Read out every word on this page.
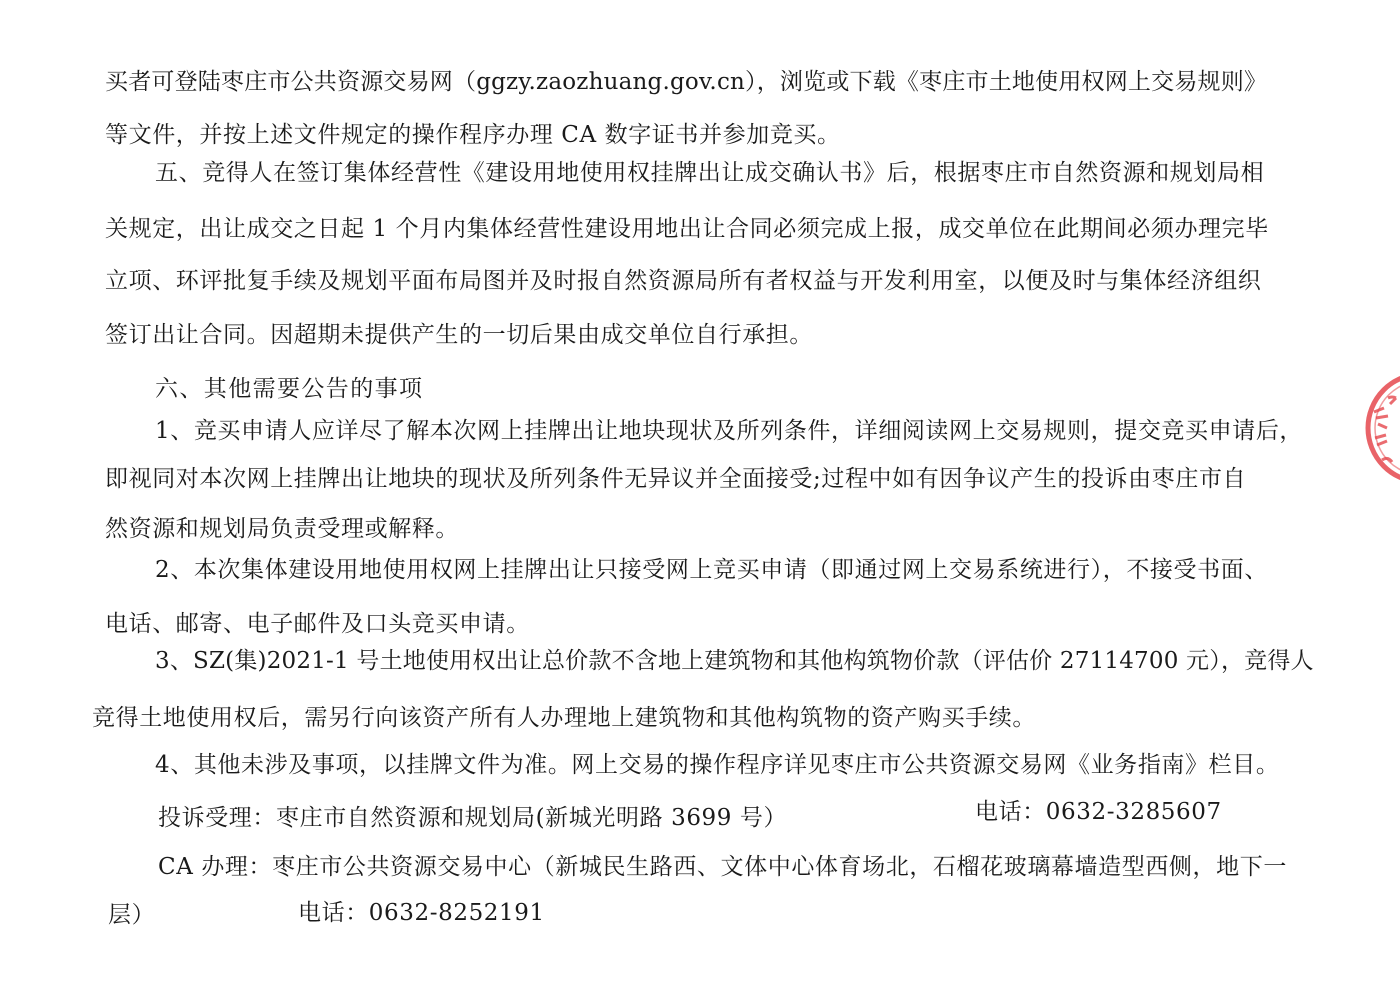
买者可登陆枣庄市公共资源交易网（ggzy.zaozhuang.gov.cn），浏览或下载《枣庄市土地使用权网上交易规则》
等文件，并按上述文件规定的操作程序办理 CA 数字证书并参加竞买。
五、竞得人在签订集体经营性《建设用地使用权挂牌出让成交确认书》后，根据枣庄市自然资源和规划局相
关规定，出让成交之日起 1 个月内集体经营性建设用地出让合同必须完成上报，成交单位在此期间必须办理完毕
立项、环评批复手续及规划平面布局图并及时报自然资源局所有者权益与开发利用室，以便及时与集体经济组织
签订出让合同。因超期未提供产生的一切后果由成交单位自行承担。
六、其他需要公告的事项
1、竞买申请人应详尽了解本次网上挂牌出让地块现状及所列条件，详细阅读网上交易规则，提交竞买申请后，
即视同对本次网上挂牌出让地块的现状及所列条件无异议并全面接受;过程中如有因争议产生的投诉由枣庄市自
然资源和规划局负责受理或解释。
2、本次集体建设用地使用权网上挂牌出让只接受网上竞买申请（即通过网上交易系统进行），不接受书面、
电话、邮寄、电子邮件及口头竞买申请。
3、SZ(集)2021-1 号土地使用权出让总价款不含地上建筑物和其他构筑物价款（评估价 27114700 元），竞得人
竞得土地使用权后，需另行向该资产所有人办理地上建筑物和其他构筑物的资产购买手续。
4、其他未涉及事项，以挂牌文件为准。网上交易的操作程序详见枣庄市公共资源交易网《业务指南》栏目。
投诉受理：枣庄市自然资源和规划局(新城光明路 3699 号）	电话：0632-3285607
CA 办理：枣庄市公共资源交易中心（新城民生路西、文体中心体育场北，石榴花玻璃幕墙造型西侧，地下一
层）	电话：0632-8252191
